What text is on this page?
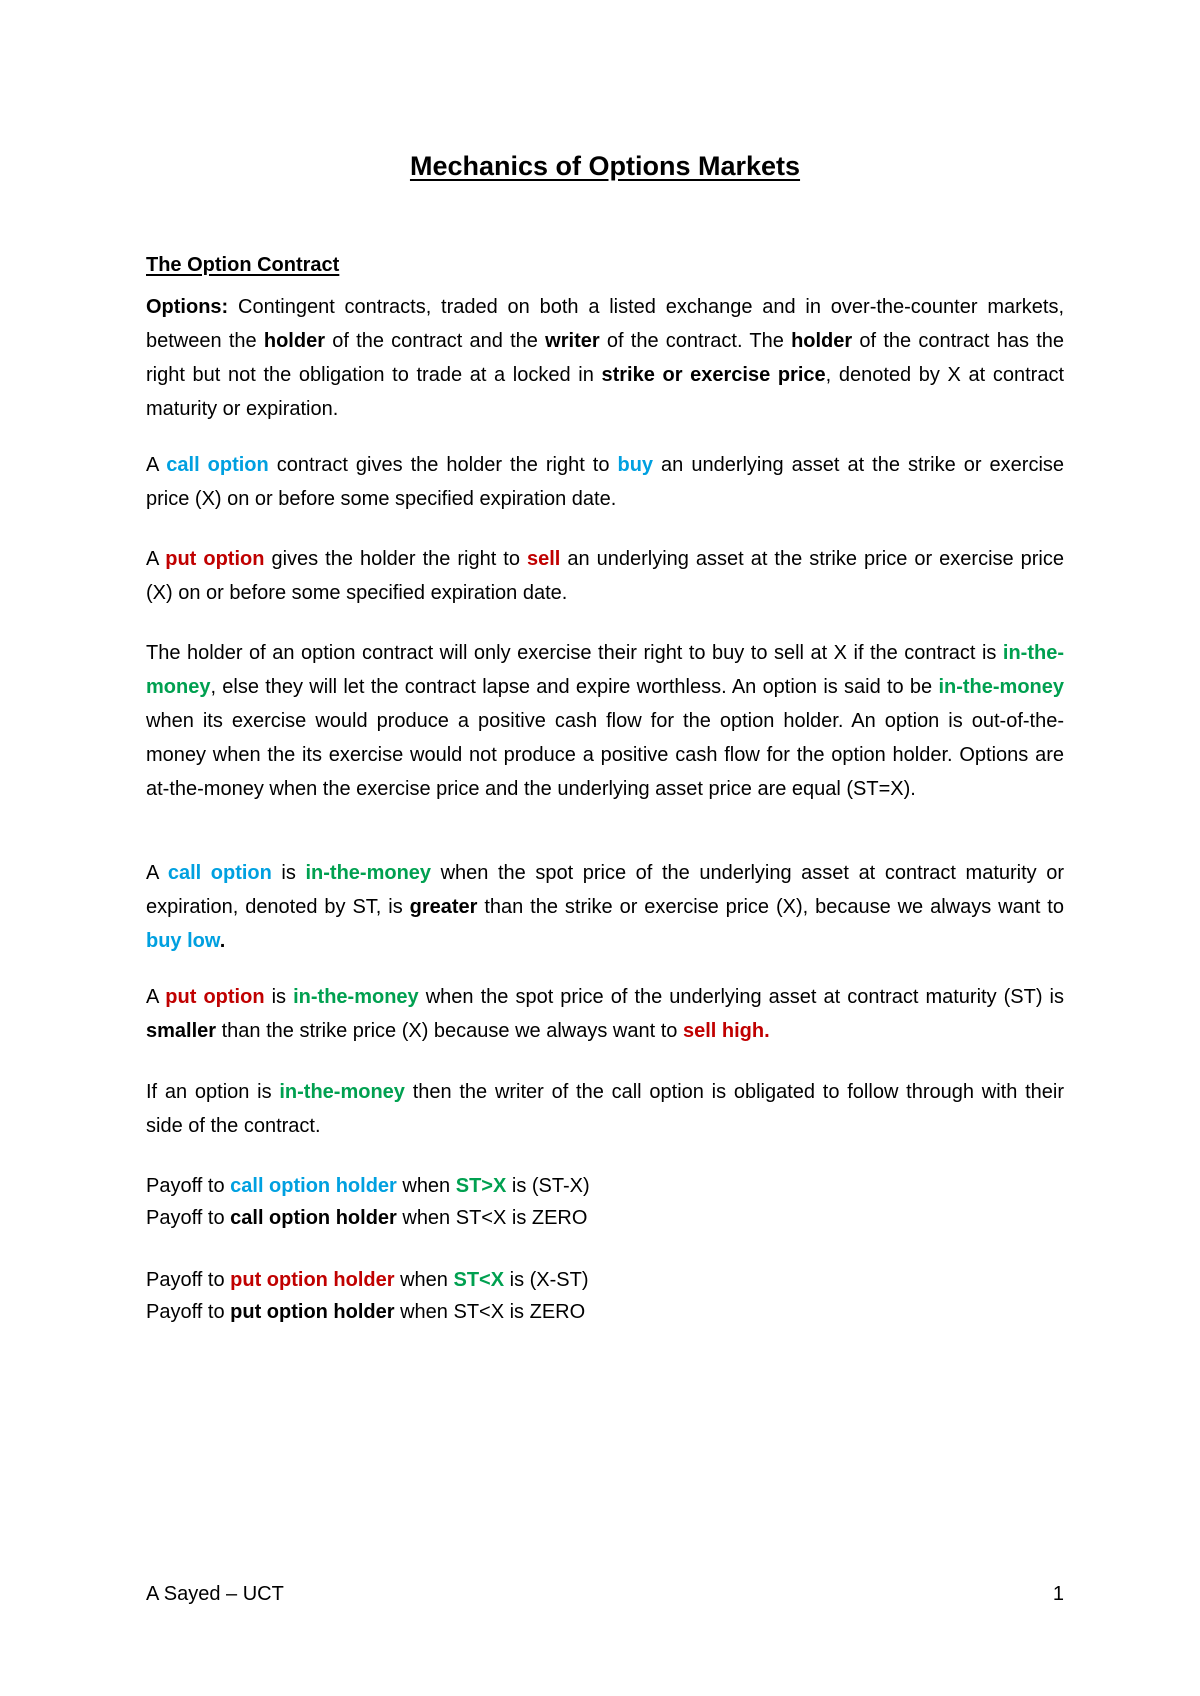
Mechanics of Options Markets
The Option Contract

Options: Contingent contracts, traded on both a listed exchange and in over-the-counter markets, between the holder of the contract and the writer of the contract. The holder of the contract has the right but not the obligation to trade at a locked in strike or exercise price, denoted by X at contract maturity or expiration.

A call option contract gives the holder the right to buy an underlying asset at the strike or exercise price (X) on or before some specified expiration date.

A put option gives the holder the right to sell an underlying asset at the strike price or exercise price (X) on or before some specified expiration date.

The holder of an option contract will only exercise their right to buy to sell at X if the contract is in-the-money, else they will let the contract lapse and expire worthless. An option is said to be in-the-money when its exercise would produce a positive cash flow for the option holder. An option is out-of-the-money when the its exercise would not produce a positive cash flow for the option holder. Options are at-the-money when the exercise price and the underlying asset price are equal (ST=X).

A call option is in-the-money when the spot price of the underlying asset at contract maturity or expiration, denoted by ST, is greater than the strike or exercise price (X), because we always want to buy low.

A put option is in-the-money when the spot price of the underlying asset at contract maturity (ST) is smaller than the strike price (X) because we always want to sell high.

If an option is in-the-money then the writer of the call option is obligated to follow through with their side of the contract.

Payoff to call option holder when ST>X is (ST-X)

Payoff to call option holder when ST<X is ZERO

Payoff to put option holder when ST<X is (X-ST)

Payoff to put option holder when ST<X is ZERO

A Sayed – UCT	1
